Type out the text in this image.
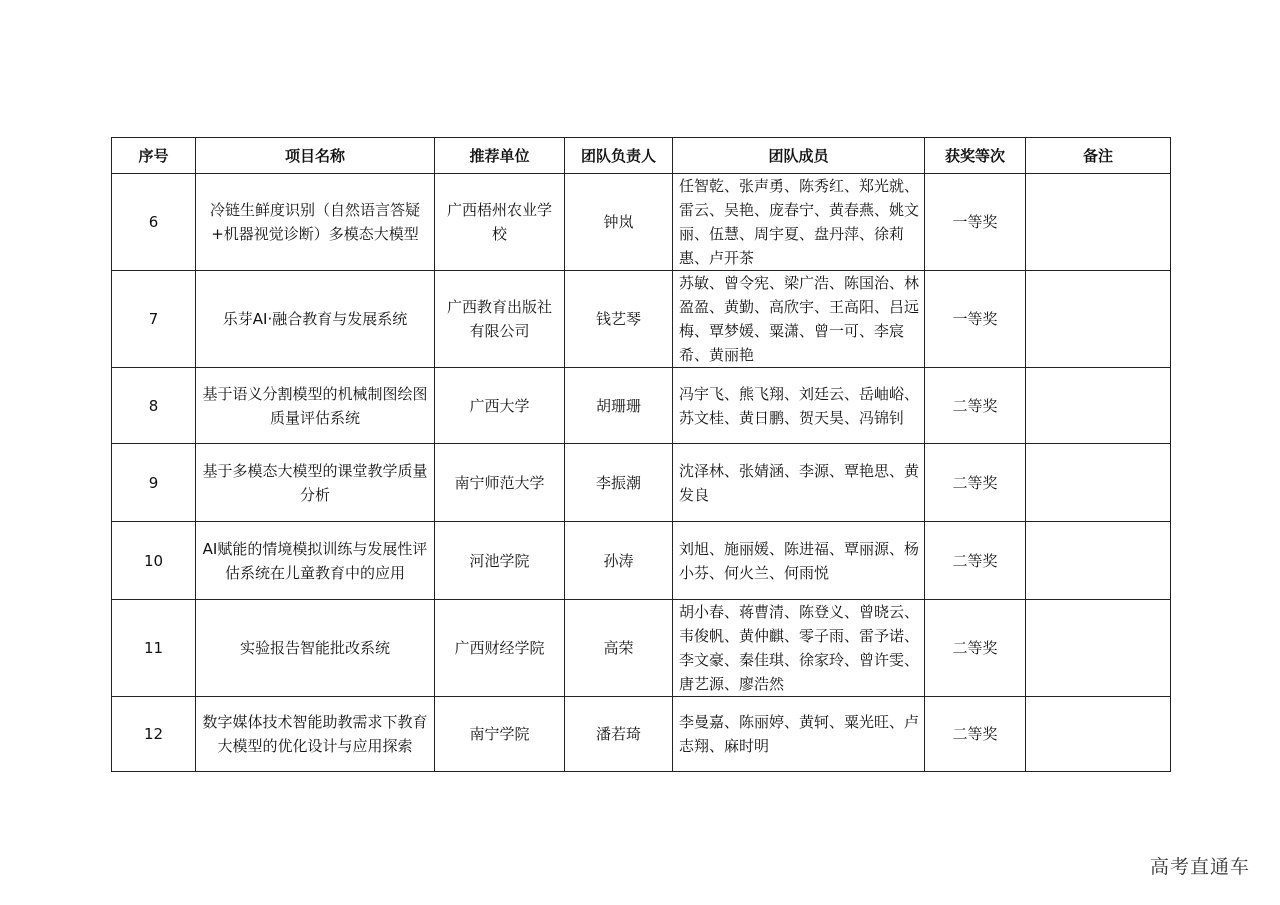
序号	项目名称	推荐单位	团队负责人	团队成员	获奖等次	备注
6	冷链生鲜度识别（自然语言答疑+机器视觉诊断）多模态大模型	广西梧州农业学校	钟岚	任智乾、张声勇、陈秀红、郑光就、雷云、吴艳、庞春宁、黄春燕、姚文丽、伍慧、周宇夏、盘丹萍、徐莉惠、卢开茶	一等奖	
7	乐芽AI·融合教育与发展系统	广西教育出版社有限公司	钱艺琴	苏敏、曾令宪、梁广浩、陈国治、林盈盈、黄勤、高欣宇、王高阳、吕远梅、覃梦媛、粟潇、曾一可、李宸希、黄丽艳	一等奖	
8	基于语义分割模型的机械制图绘图质量评估系统	广西大学	胡珊珊	冯宇飞、熊飞翔、刘廷云、岳岫峪、苏文桂、黄日鹏、贺天昊、冯锦钊	二等奖	
9	基于多模态大模型的课堂教学质量分析	南宁师范大学	李振潮	沈泽林、张婧涵、李源、覃艳思、黄发良	二等奖	
10	AI赋能的情境模拟训练与发展性评估系统在儿童教育中的应用	河池学院	孙涛	刘旭、施丽媛、陈进福、覃丽源、杨小芬、何火兰、何雨悦	二等奖	
11	实验报告智能批改系统	广西财经学院	高荣	胡小春、蒋曹清、陈登义、曾晓云、韦俊帆、黄仲麒、零子雨、雷予诺、李文豪、秦佳琪、徐家玲、曾许雯、唐艺源、廖浩然	二等奖	
12	数字媒体技术智能助教需求下教育大模型的优化设计与应用探索	南宁学院	潘若琦	李曼嘉、陈丽婷、黄轲、粟光旺、卢志翔、麻时明	二等奖	
高考直通车
